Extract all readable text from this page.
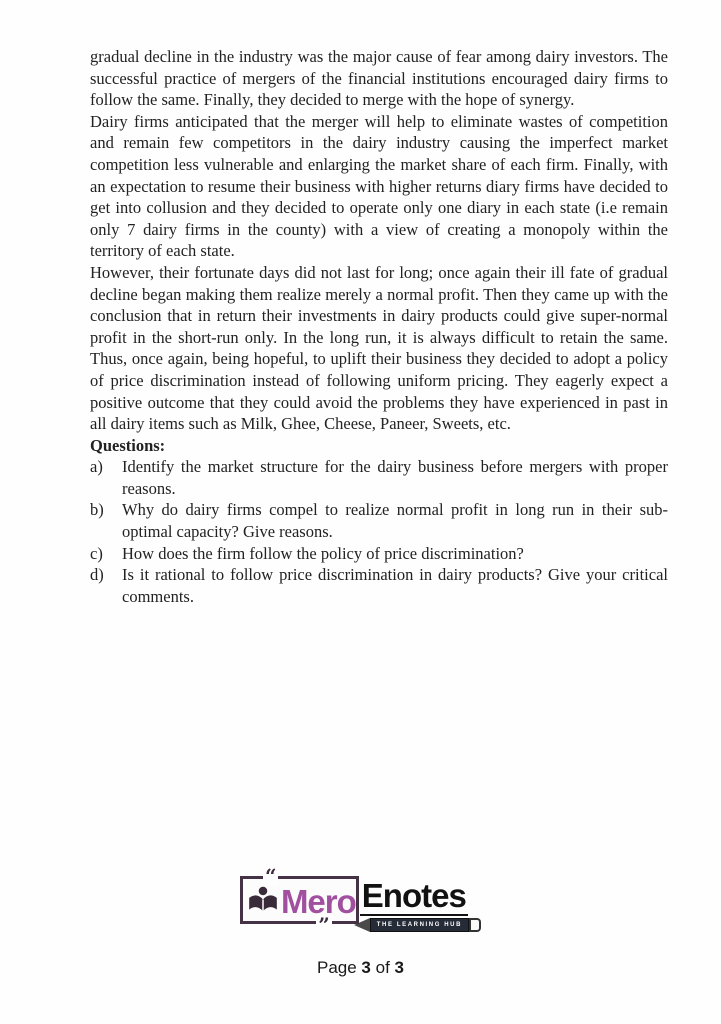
gradual decline in the industry was the major cause of fear among dairy investors. The successful practice of mergers of the financial institutions encouraged dairy firms to follow the same. Finally, they decided to merge with the hope of synergy.

Dairy firms anticipated that the merger will help to eliminate wastes of competition and remain few competitors in the dairy industry causing the imperfect market competition less vulnerable and enlarging the market share of each firm. Finally, with an expectation to resume their business with higher returns diary firms have decided to get into collusion and they decided to operate only one diary in each state (i.e remain only 7 dairy firms in the county) with a view of creating a monopoly within the territory of each state.

However, their fortunate days did not last for long; once again their ill fate of gradual decline began making them realize merely a normal profit. Then they came up with the conclusion that in return their investments in dairy products could give super-normal profit in the short-run only. In the long run, it is always difficult to retain the same. Thus, once again, being hopeful, to uplift their business they decided to adopt a policy of price discrimination instead of following uniform pricing. They eagerly expect a positive outcome that they could avoid the problems they have experienced in past in all dairy items such as Milk, Ghee, Cheese, Paneer, Sweets, etc.

Questions:

a)	Identify the market structure for the dairy business before mergers with proper reasons.
b)	Why do dairy firms compel to realize normal profit in long run in their sub-optimal capacity? Give reasons.
c)	How does the firm follow the policy of price discrimination?
d)	Is it rational to follow price discrimination in dairy products? Give your critical comments.
“
”
Mero Enotes
THE LEARNING HUB
Page 3 of 3
